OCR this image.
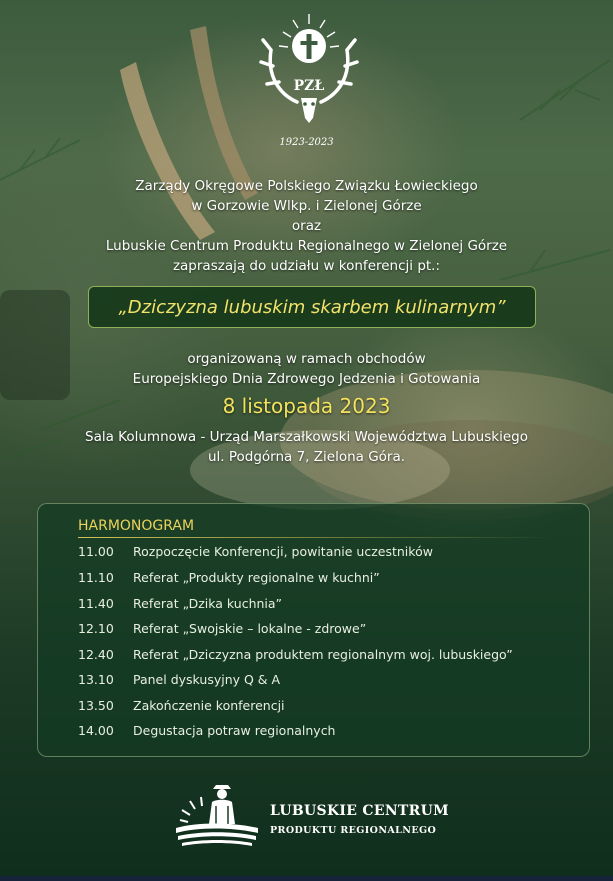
PZŁ
1923-2023
Zarządy Okręgowe Polskiego Związku Łowieckiego
w Gorzowie Wlkp. i Zielonej Górze
oraz
Lubuskie Centrum Produktu Regionalnego w Zielonej Górze
zapraszają do udziału w konferencji pt.:
„Dziczyzna lubuskim skarbem kulinarnym”
organizowaną w ramach obchodów
Europejskiego Dnia Zdrowego Jedzenia i Gotowania
8 listopada 2023
Sala Kolumnowa - Urząd Marszałkowski Województwa Lubuskiego
ul. Podgórna 7, Zielona Góra.
HARMONOGRAM
11.00 Rozpoczęcie Konferencji, powitanie uczestników
11.10 Referat „Produkty regionalne w kuchni”
11.40 Referat „Dzika kuchnia”
12.10 Referat „Swojskie – lokalne - zdrowe”
12.40 Referat „Dziczyzna produktem regionalnym woj. lubuskiego”
13.10 Panel dyskusyjny Q & A
13.50 Zakończenie konferencji
14.00 Degustacja potraw regionalnych
LUBUSKIE CENTRUM
PRODUKTU REGIONALNEGO
